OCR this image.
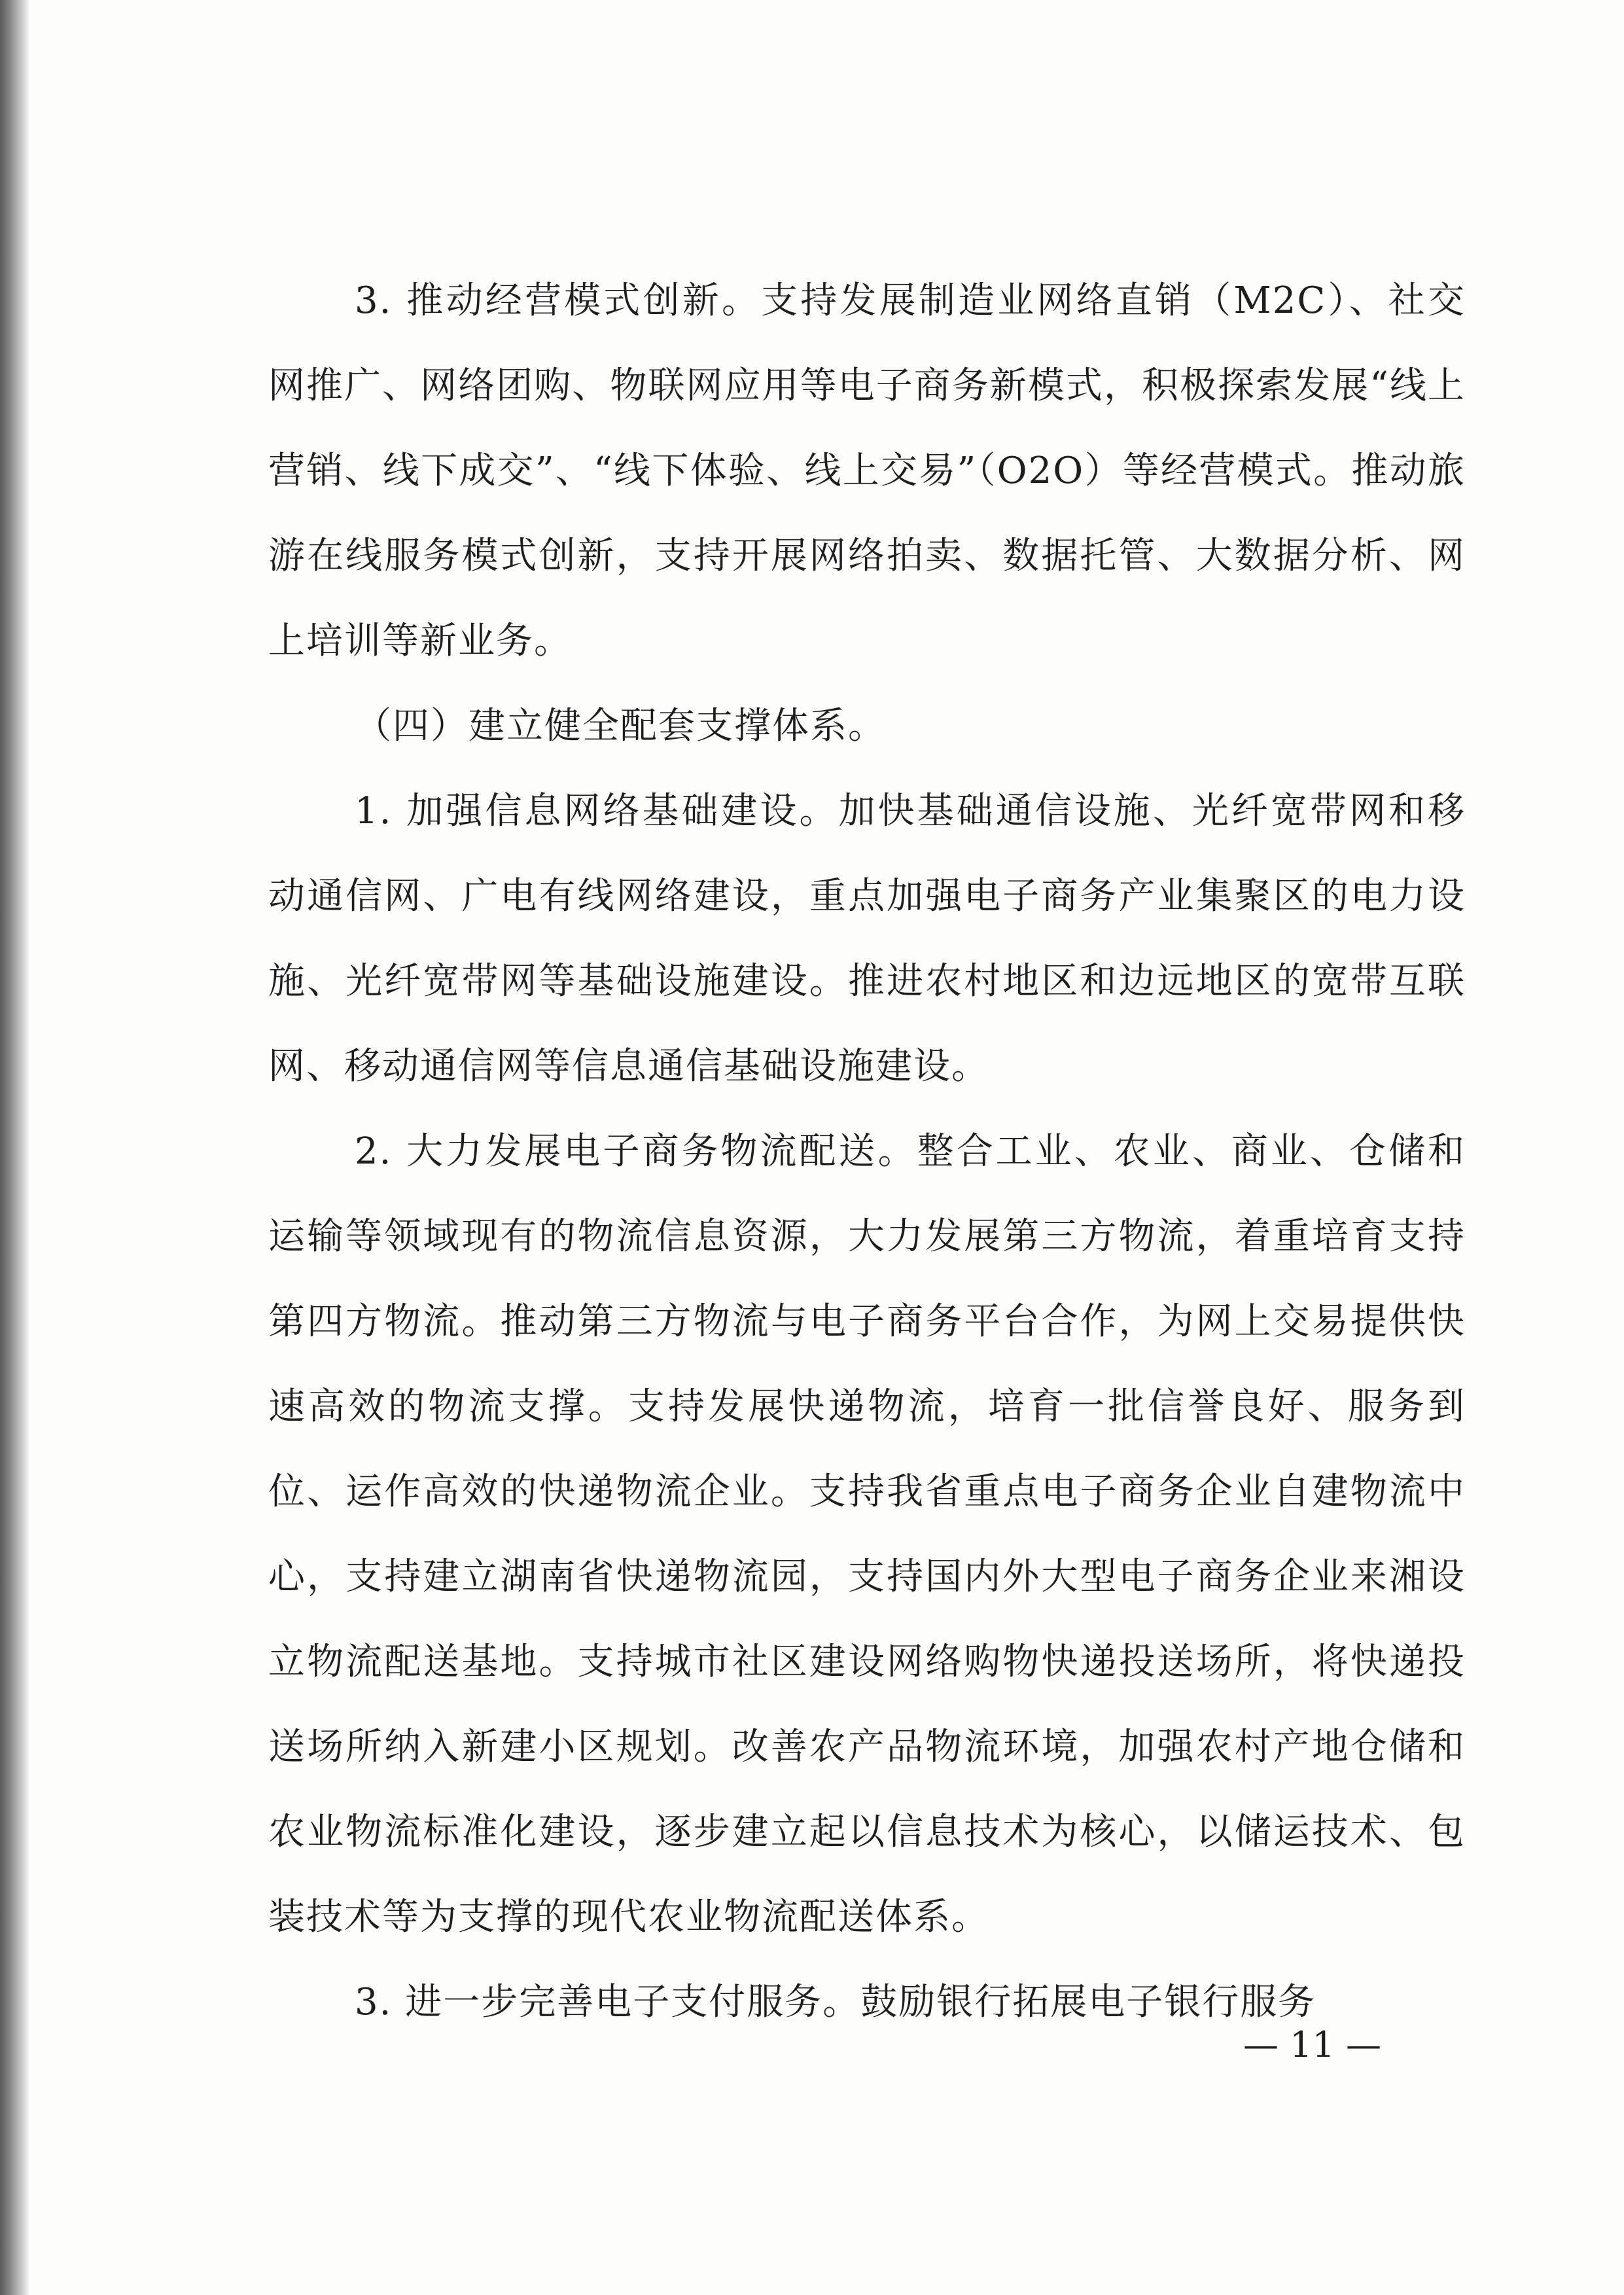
3. 推动经营模式创新。支持发展制造业网络直销（M2C）、社交网推广、网络团购、物联网应用等电子商务新模式，积极探索发展“线上营销、线下成交”、“线下体验、线上交易”（O2O）等经营模式。推动旅游在线服务模式创新，支持开展网络拍卖、数据托管、大数据分析、网上培训等新业务。

（四）建立健全配套支撑体系。

1. 加强信息网络基础建设。加快基础通信设施、光纤宽带网和移动通信网、广电有线网络建设，重点加强电子商务产业集聚区的电力设施、光纤宽带网等基础设施建设。推进农村地区和边远地区的宽带互联网、移动通信网等信息通信基础设施建设。

2. 大力发展电子商务物流配送。整合工业、农业、商业、仓储和运输等领域现有的物流信息资源，大力发展第三方物流，着重培育支持第四方物流。推动第三方物流与电子商务平台合作，为网上交易提供快速高效的物流支撑。支持发展快递物流，培育一批信誉良好、服务到位、运作高效的快递物流企业。支持我省重点电子商务企业自建物流中心，支持建立湖南省快递物流园，支持国内外大型电子商务企业来湘设立物流配送基地。支持城市社区建设网络购物快递投送场所，将快递投送场所纳入新建小区规划。改善农产品物流环境，加强农村产地仓储和农业物流标准化建设，逐步建立起以信息技术为核心，以储运技术、包装技术等为支撑的现代农业物流配送体系。

3. 进一步完善电子支付服务。鼓励银行拓展电子银行服务

— 11 —
